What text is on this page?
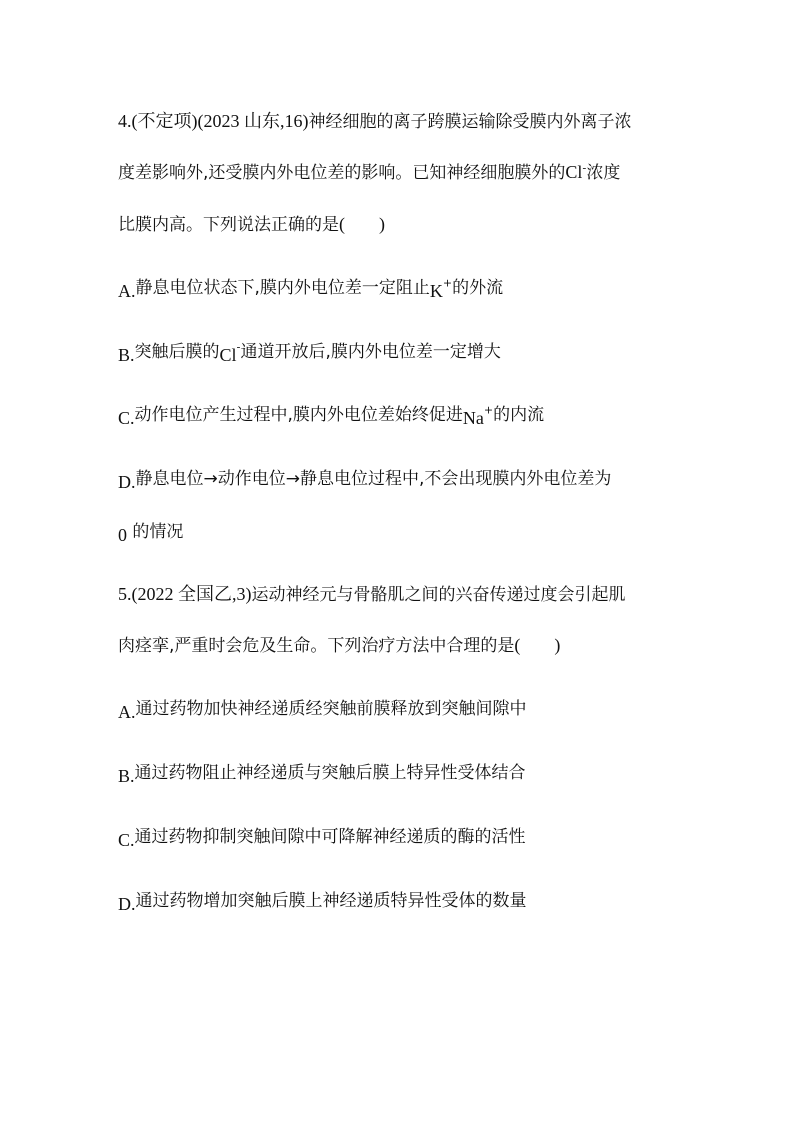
4.(不定项)(2023 山东,16)神经细胞的离子跨膜运输除受膜内外离子浓
度差影响外,还受膜内外电位差的影响。已知神经细胞膜外的Cl-浓度
比膜内高。下列说法正确的是( )
A.静息电位状态下,膜内外电位差一定阻止K+的外流
B.突触后膜的Cl-通道开放后,膜内外电位差一定增大
C.动作电位产生过程中,膜内外电位差始终促进Na+的内流
D.静息电位→动作电位→静息电位过程中,不会出现膜内外电位差为
0 的情况
5.(2022 全国乙,3)运动神经元与骨骼肌之间的兴奋传递过度会引起肌
肉痉挛,严重时会危及生命。下列治疗方法中合理的是( )
A.通过药物加快神经递质经突触前膜释放到突触间隙中
B.通过药物阻止神经递质与突触后膜上特异性受体结合
C.通过药物抑制突触间隙中可降解神经递质的酶的活性
D.通过药物增加突触后膜上神经递质特异性受体的数量
